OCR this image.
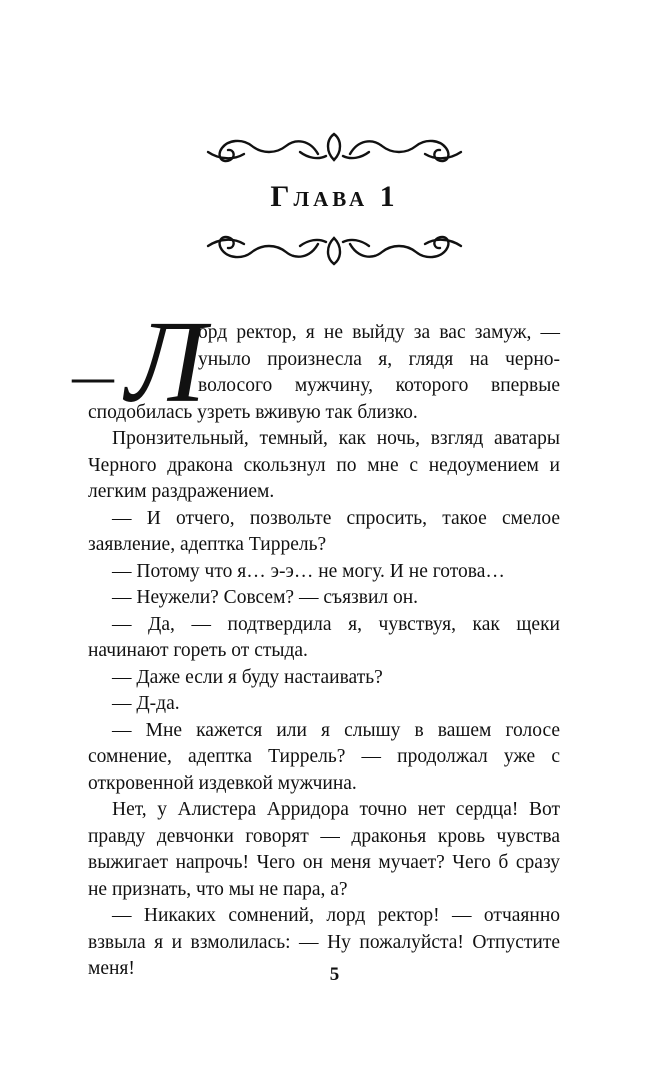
Глава 1
— Л
орд ректор, я не выйду за вас замуж, —
уныло произнесла я, глядя на черно-
волосого мужчину, которого впервые
сподобилась узреть вживую так близко.

Пронзительный, темный, как ночь, взгляд аватары Черного дракона скользнул по мне с недоумением и легким раздражением.

— И отчего, позвольте спросить, такое смелое заявление, адептка Тиррель?

— Потому что я… э-э… не могу. И не готова…

— Неужели? Совсем? — съязвил он.

— Да, — подтвердила я, чувствуя, как щеки начинают гореть от стыда.

— Даже если я буду настаивать?

— Д-да.

— Мне кажется или я слышу в вашем голосе сомнение, адептка Тиррель? — продолжал уже с откровенной издевкой мужчина.

Нет, у Алистера Арридора точно нет сердца! Вот правду девчонки говорят — драконья кровь чувства выжигает напрочь! Чего он меня мучает? Чего б сразу не признать, что мы не пара, а?

— Никаких сомнений, лорд ректор! — отчаянно взвыла я и взмолилась: — Ну пожалуйста! Отпустите меня!	5
